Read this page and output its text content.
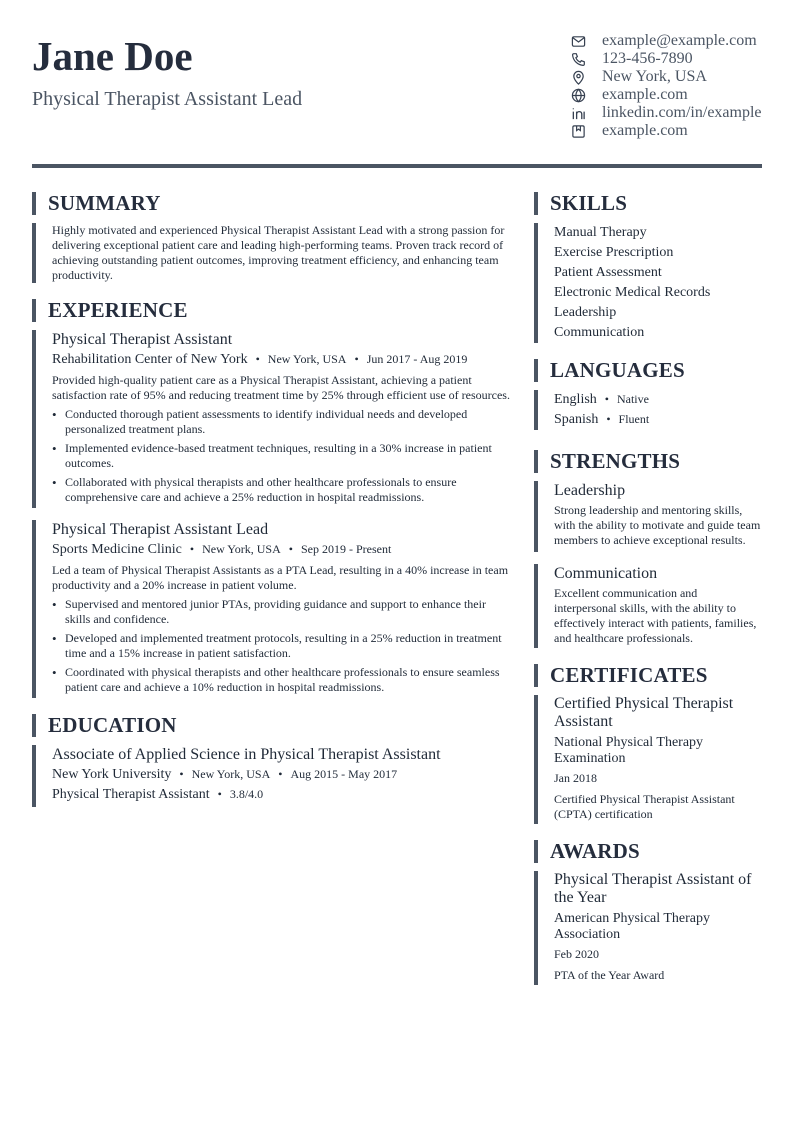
Jane Doe
Physical Therapist Assistant Lead
example@example.com
123-456-7890
New York, USA
example.com
linkedin.com/in/example
example.com
SUMMARY
Highly motivated and experienced Physical Therapist Assistant Lead with a strong passion for delivering exceptional patient care and leading high-performing teams. Proven track record of achieving outstanding patient outcomes, improving treatment efficiency, and enhancing team productivity.
EXPERIENCE
Physical Therapist Assistant
Rehabilitation Center of New York • New York, USA • Jun 2017 - Aug 2019
Provided high-quality patient care as a Physical Therapist Assistant, achieving a patient satisfaction rate of 95% and reducing treatment time by 25% through efficient use of resources.
• Conducted thorough patient assessments to identify individual needs and developed personalized treatment plans.
• Implemented evidence-based treatment techniques, resulting in a 30% increase in patient outcomes.
• Collaborated with physical therapists and other healthcare professionals to ensure comprehensive care and achieve a 25% reduction in hospital readmissions.
Physical Therapist Assistant Lead
Sports Medicine Clinic • New York, USA • Sep 2019 - Present
Led a team of Physical Therapist Assistants as a PTA Lead, resulting in a 40% increase in team productivity and a 20% increase in patient volume.
• Supervised and mentored junior PTAs, providing guidance and support to enhance their skills and confidence.
• Developed and implemented treatment protocols, resulting in a 25% reduction in treatment time and a 15% increase in patient satisfaction.
• Coordinated with physical therapists and other healthcare professionals to ensure seamless patient care and achieve a 10% reduction in hospital readmissions.
EDUCATION
Associate of Applied Science in Physical Therapist Assistant
New York University • New York, USA • Aug 2015 - May 2017
Physical Therapist Assistant • 3.8/4.0
SKILLS
Manual Therapy
Exercise Prescription
Patient Assessment
Electronic Medical Records
Leadership
Communication
LANGUAGES
English • Native
Spanish • Fluent
STRENGTHS
Leadership
Strong leadership and mentoring skills, with the ability to motivate and guide team members to achieve exceptional results.
Communication
Excellent communication and interpersonal skills, with the ability to effectively interact with patients, families, and healthcare professionals.
CERTIFICATES
Certified Physical Therapist Assistant
National Physical Therapy Examination
Jan 2018
Certified Physical Therapist Assistant (CPTA) certification
AWARDS
Physical Therapist Assistant of the Year
American Physical Therapy Association
Feb 2020
PTA of the Year Award
